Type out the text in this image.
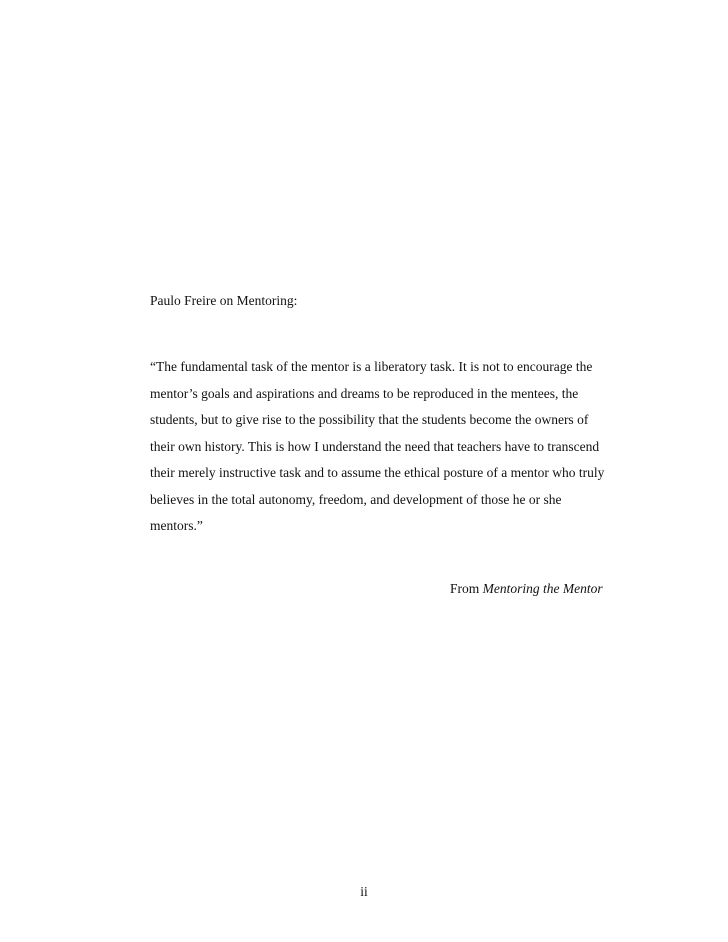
Paulo Freire on Mentoring:
“The fundamental task of the mentor is a liberatory task. It is not to encourage the
mentor’s goals and aspirations and dreams to be reproduced in the mentees, the
students, but to give rise to the possibility that the students become the owners of
their own history. This is how I understand the need that teachers have to transcend
their merely instructive task and to assume the ethical posture of a mentor who truly
believes in the total autonomy, freedom, and development of those he or she
mentors.”
From Mentoring the Mentor
ii
